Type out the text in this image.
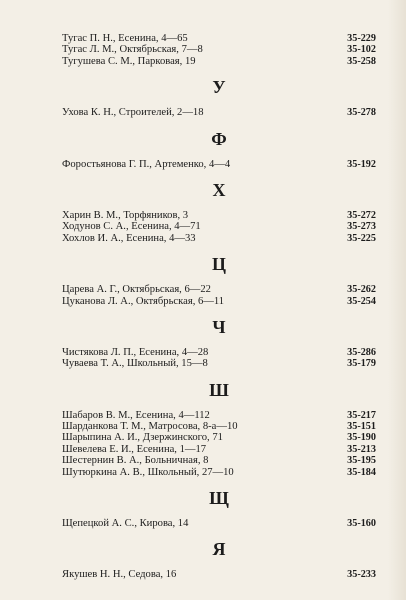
Тугас П. Н., Есенина, 4—65	35-229
Тугас Л. М., Октябрьская, 7—8	35-102
Тугушева С. М., Парковая, 19	35-258
У
Ухова К. Н., Строителей, 2—18	35-278
Ф
Форостьянова Г. П., Артеменко, 4—4	35-192
Х
Харин В. М., Торфяников, 3	35-272
Ходунов С. А., Есенина, 4—71	35-273
Хохлов И. А., Есенина, 4—33	35-225
Ц
Царева А. Г., Октябрьская, 6—22	35-262
Цуканова Л. А., Октябрьская, 6—11	35-254
Ч
Чистякова Л. П., Есенина, 4—28	35-286
Чуваева Т. А., Школьный, 15—8	35-179
Ш
Шабаров В. М., Есенина, 4—112	35-217
Шарданкова Т. М., Матросова, 8-а—10	35-151
Шарыпина А. И., Дзержинского, 71	35-190
Шевелева Е. И., Есенина, 1—17	35-213
Шестернин В. А., Больничная, 8	35-195
Шутюркина А. В., Школьный, 27—10	35-184
Щ
Щепецкой А. С., Кирова, 14	35-160
Я
Якушев Н. Н., Седова, 16	35-233
